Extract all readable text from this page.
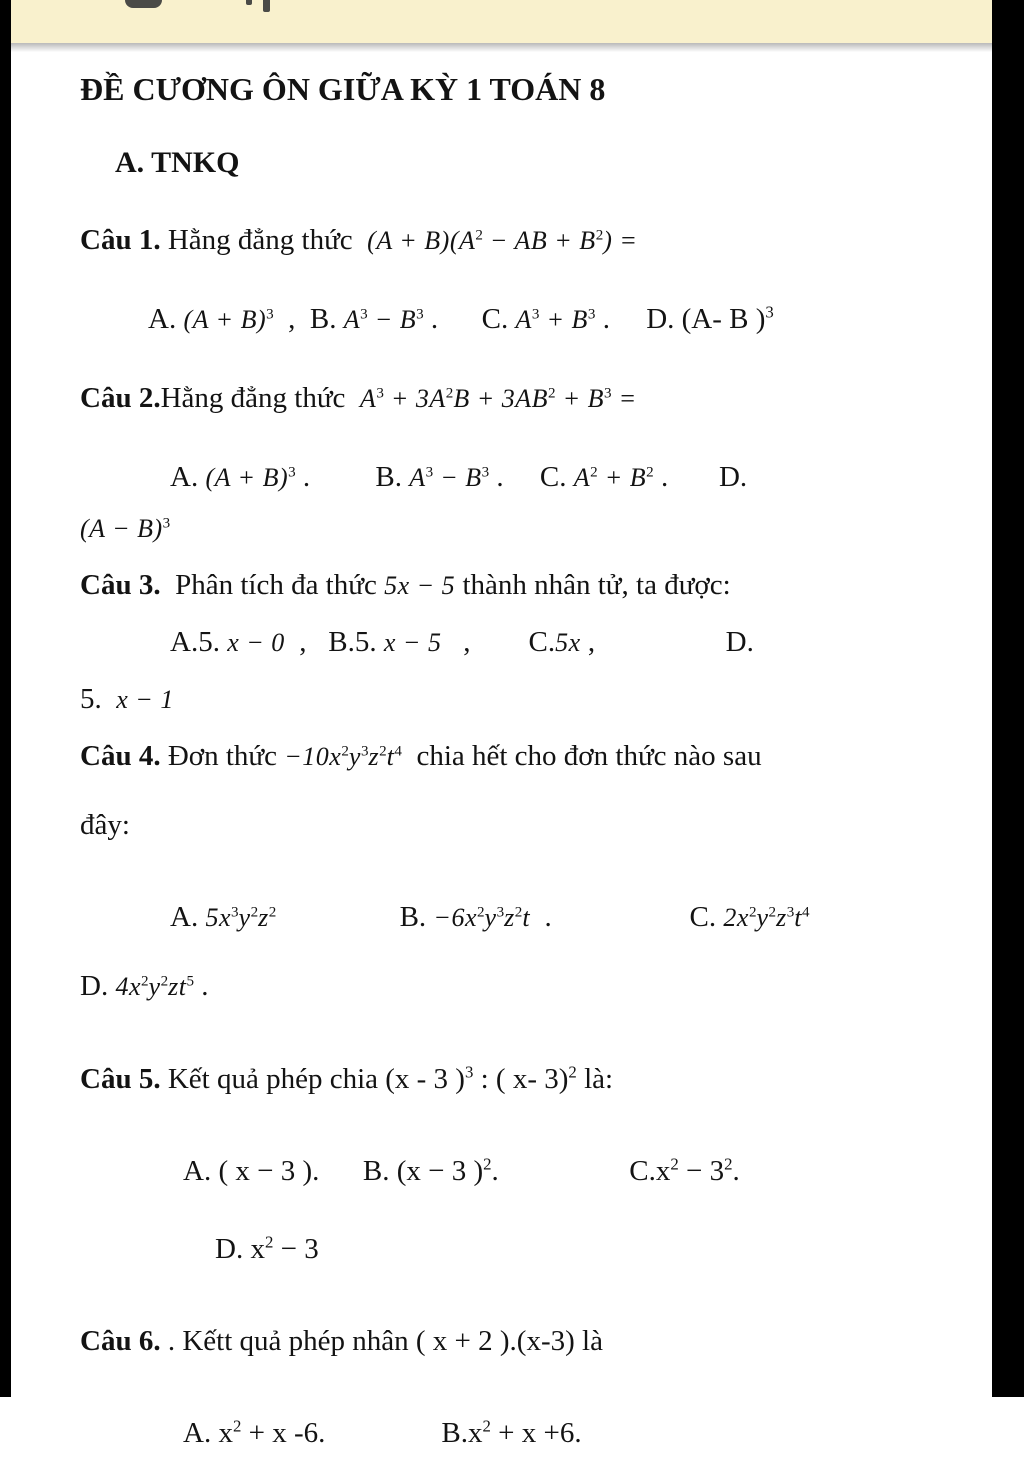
ĐỀ CƯƠNG ÔN GIỮA KỲ 1 TOÁN 8
A. TNKQ
Câu 1. Hằng đẳng thức  $(A + B)(A^2$ − AB + $B^2$) =
A. $(A + B)^3$  ,  B. $A^3 - B^3$ .      C. $A^3 + B^3$ .     D. (A- B )$^3$
Câu 2.Hằng đẳng thức  $A^3 + 3A^2B + 3AB^2 + B^3$ =
A. $(A + B)^3$ .         B. $A^3 - B^3$ .     C. $A^2 + B^2$ .       D.
$(A - B)^3$
Câu 3.  Phân tích đa thức 5x − 5 thành nhân tử, ta được:
A.5. x − 0  ,   B.5. x − 5   ,        C.5x ,                  D.
5.  x − 1
Câu 4. Đơn thức $-10x^2y^3z^2t^4$  chia hết cho đơn thức nào sau
đây:
A. $5x^3y^2z^2$                 B. $-6x^2y^3z^2t$  .                   C. $2x^2y^2z^3t^4$
D. $4x^2y^2zt^5$ .
Câu 5. Kết quả phép chia (x - 3 )$^3$ : ( x- 3)$^2$ là:
A. ( x − 3 ).      B. (x − 3 )$^2$.                  $C.x^2 - 3^2$.
D. $x^2 - 3$
Câu 6. . Kếtt quả phép nhân ( x + 2 ).(x-3) là
A. $x^2 + x$ -6.                $B.x^2 + x +6$.
